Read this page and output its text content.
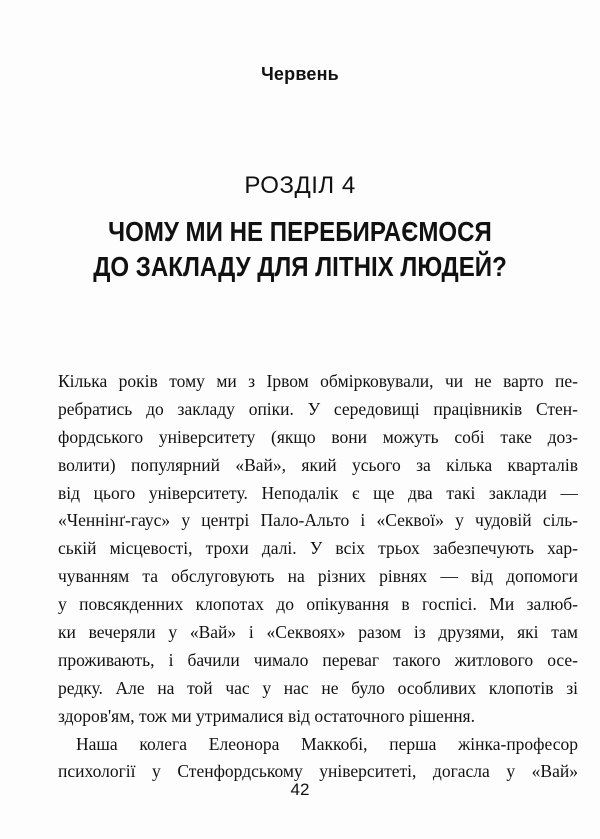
Червень
РОЗДІЛ 4
ЧОМУ МИ НЕ ПЕРЕБИРАЄМОСЯ
ДО ЗАКЛАДУ ДЛЯ ЛІТНІХ ЛЮДЕЙ?
Кілька років тому ми з Ірвом обмірковували, чи не варто пе-
ребратись до закладу опіки. У середовищі працівників Стен-
фордського університету (якщо вони можуть собі таке доз-
волити) популярний «Вай», який усього за кілька кварталів
від цього університету. Неподалік є ще два такі заклади —
«Ченнінґ-гаус» у центрі Пало-Альто і «Секвої» у чудовій сіль-
ській місцевості, трохи далі. У всіх трьох забезпечують хар-
чуванням та обслуговують на різних рівнях — від допомоги
у повсякденних клопотах до опікування в госпісі. Ми залюб-
ки вечеряли у «Вай» і «Секвоях» разом із друзями, які там
проживають, і бачили чимало переваг такого житлового осе-
редку. Але на той час у нас не було особливих клопотів зі
здоров'ям, тож ми утрималися від остаточного рішення.
Наша колега Елеонора Маккобі, перша жінка-професор
психології у Стенфордському університеті, догасла у «Вай»
42
